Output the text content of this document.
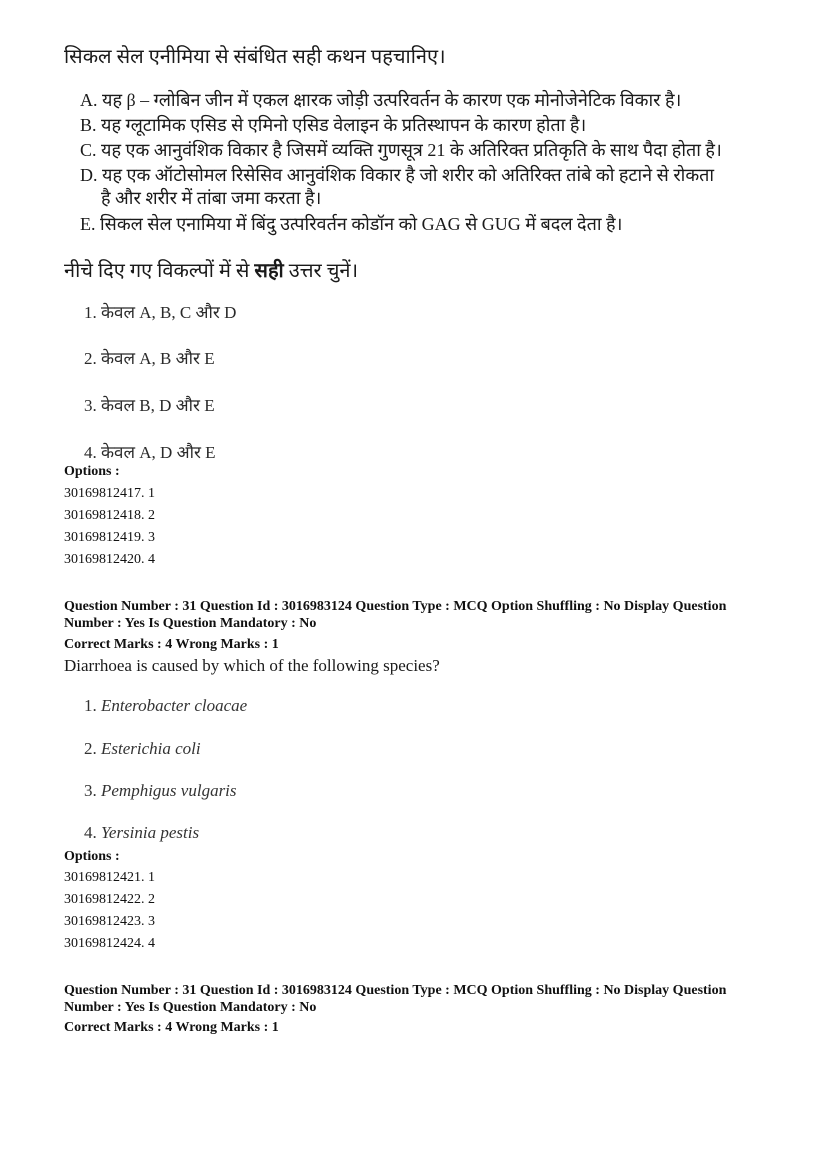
सिकल सेल एनीमिया से संबंधित सही कथन पहचानिए।
A. यह β – ग्लोबिन जीन में एकल क्षारक जोड़ी उत्परिवर्तन के कारण एक मोनोजेनेटिक विकार है।
B. यह ग्लूटामिक एसिड से एमिनो एसिड वेलाइन के प्रतिस्थापन के कारण होता है।
C. यह एक आनुवंशिक विकार है जिसमें व्यक्ति गुणसूत्र 21 के अतिरिक्त प्रतिकृति के साथ पैदा होता है।
D. यह एक ऑटोसोमल रिसेसिव आनुवंशिक विकार है जो शरीर को अतिरिक्त तांबे को हटाने से रोकता
है और शरीर में तांबा जमा करता है।
E. सिकल सेल एनामिया में बिंदु उत्परिवर्तन कोडॉन को GAG से GUG में बदल देता है।
नीचे दिए गए विकल्पों में से सही उत्तर चुनें।
1. केवल A, B, C और D
2. केवल A, B और E
3. केवल B, D और E
4. केवल A, D और E
Options :
30169812417. 1
30169812418. 2
30169812419. 3
30169812420. 4
Question Number : 31 Question Id : 3016983124 Question Type : MCQ Option Shuffling : No Display Question
Number : Yes Is Question Mandatory : No
Correct Marks : 4 Wrong Marks : 1
Diarrhoea is caused by which of the following species?
1. Enterobacter cloacae
2. Esterichia coli
3. Pemphigus vulgaris
4. Yersinia pestis
Options :
30169812421. 1
30169812422. 2
30169812423. 3
30169812424. 4
Question Number : 31 Question Id : 3016983124 Question Type : MCQ Option Shuffling : No Display Question
Number : Yes Is Question Mandatory : No
Correct Marks : 4 Wrong Marks : 1
